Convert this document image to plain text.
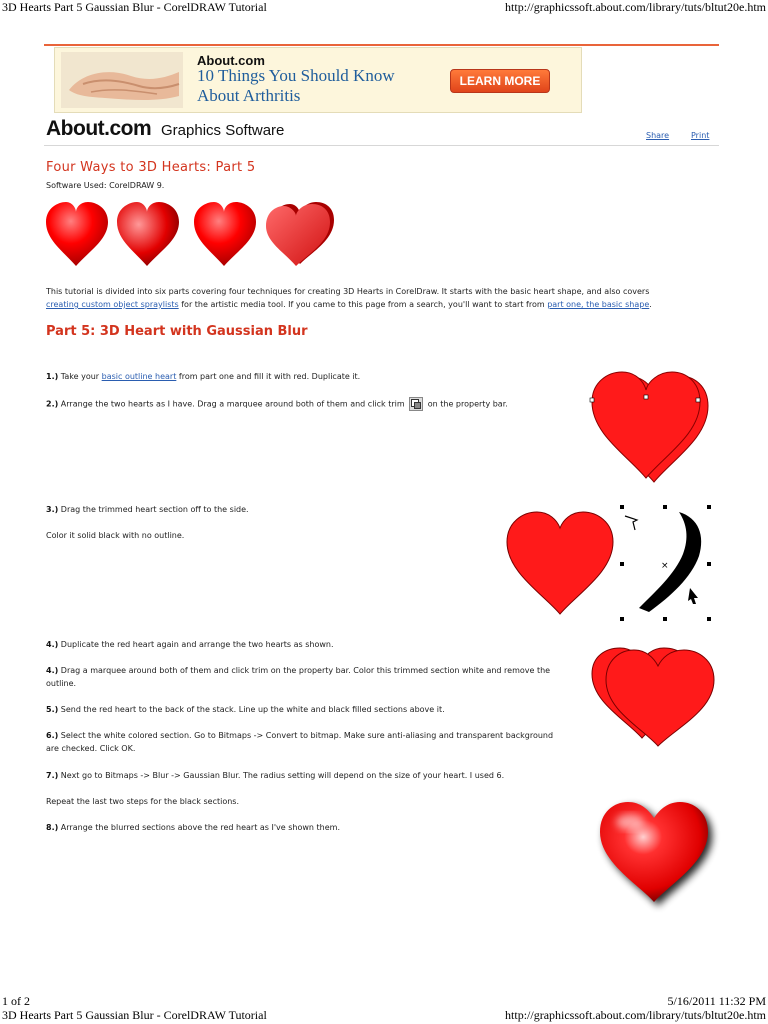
3D Hearts Part 5 Gaussian Blur - CorelDRAW Tutorial	http://graphicssoft.about.com/library/tuts/bltut20e.htm
About.com
10 Things You Should Know
About Arthritis
LEARN MORE
About.com Graphics Software	Share	Print
Four Ways to 3D Hearts: Part 5
Software Used: CorelDRAW 9.
This tutorial is divided into six parts covering four techniques for creating 3D Hearts in CorelDraw. It starts with the basic heart shape, and also covers
creating custom object spraylists for the artistic media tool. If you came to this page from a search, you'll want to start from part one, the basic shape.
Part 5: 3D Heart with Gaussian Blur
1.) Take your basic outline heart from part one and fill it with red. Duplicate it.
2.) Arrange the two hearts as I have. Drag a marquee around both of them and click trim  on the property bar.
3.) Drag the trimmed heart section off to the side.
Color it solid black with no outline.
×
4.) Duplicate the red heart again and arrange the two hearts as shown.
4.) Drag a marquee around both of them and click trim on the property bar. Color this trimmed section white and remove the outline.
5.) Send the red heart to the back of the stack. Line up the white and black filled sections above it.
6.) Select the white colored section. Go to Bitmaps -> Convert to bitmap. Make sure anti-aliasing and transparent background are checked. Click OK.
7.) Next go to Bitmaps -> Blur -> Gaussian Blur. The radius setting will depend on the size of your heart. I used 6.
Repeat the last two steps for the black sections.
8.) Arrange the blurred sections above the red heart as I've shown them.
1 of 2	5/16/2011 11:32 PM
3D Hearts Part 5 Gaussian Blur - CorelDRAW Tutorial	http://graphicssoft.about.com/library/tuts/bltut20e.htm
